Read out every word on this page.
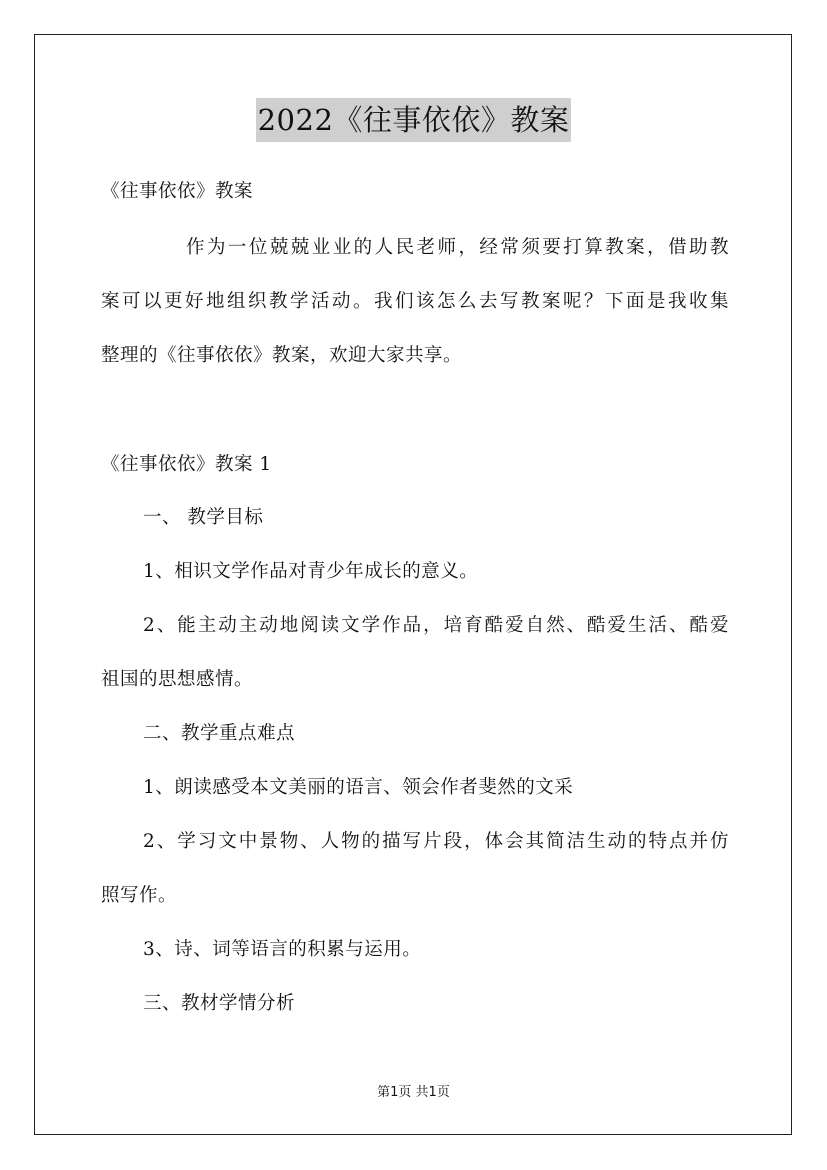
2022《往事依依》教案
《往事依依》教案
作为一位兢兢业业的人民老师，经常须要打算教案，借助教
案可以更好地组织教学活动。我们该怎么去写教案呢？下面是我收集
整理的《往事依依》教案，欢迎大家共享。
《往事依依》教案 1
一、 教学目标
1、相识文学作品对青少年成长的意义。
2、能主动主动地阅读文学作品，培育酷爱自然、酷爱生活、酷爱
祖国的思想感情。
二、教学重点难点
1、朗读感受本文美丽的语言、领会作者斐然的文采
2、学习文中景物、人物的描写片段，体会其简洁生动的特点并仿
照写作。
3、诗、词等语言的积累与运用。
三、教材学情分析
第1页 共1页
